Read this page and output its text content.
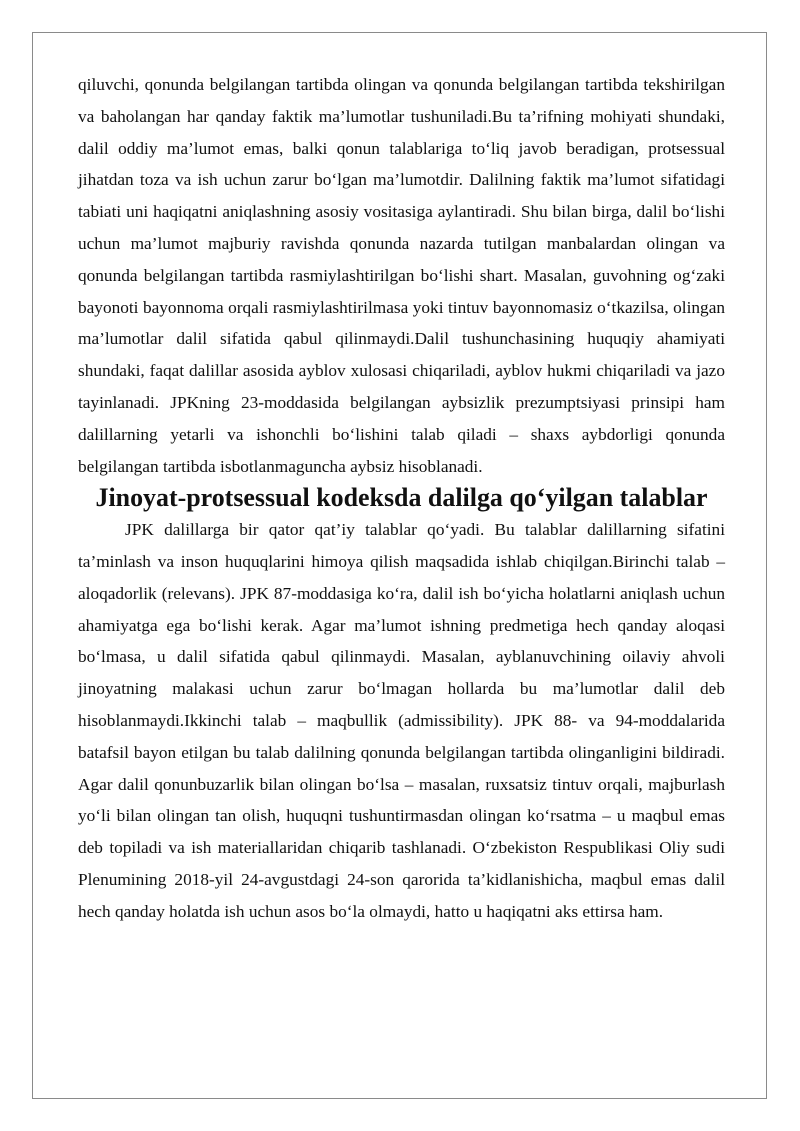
qiluvchi, qonunda belgilangan tartibda olingan va qonunda belgilangan tartibda tekshirilgan va baholangan har qanday faktik ma’lumotlar tushuniladi.Bu ta’rifning mohiyati shundaki, dalil oddiy ma’lumot emas, balki qonun talablariga to‘liq javob beradigan, protsessual jihatdan toza va ish uchun zarur bo‘lgan ma’lumotdir. Dalilning faktik ma’lumot sifatidagi tabiati uni haqiqatni aniqlashning asosiy vositasiga aylantiradi. Shu bilan birga, dalil bo‘lishi uchun ma’lumot majburiy ravishda qonunda nazarda tutilgan manbalardan olingan va qonunda belgilangan tartibda rasmiylashtirilgan bo‘lishi shart. Masalan, guvohning og‘zaki bayonoti bayonnoma orqali rasmiylashtirilmasa yoki tintuv bayonnomasiz o‘tkazilsa, olingan ma’lumotlar dalil sifatida qabul qilinmaydi.Dalil tushunchasining huquqiy ahamiyati shundaki, faqat dalillar asosida ayblov xulosasi chiqariladi, ayblov hukmi chiqariladi va jazo tayinlanadi. JPKning 23-moddasida belgilangan aybsizlik prezumptsiyasi prinsipi ham dalillarning yetarli va ishonchli bo‘lishini talab qiladi – shaxs aybdorligi qonunda belgilangan tartibda isbotlanmaguncha aybsiz hisoblanadi.

Jinoyat-protsessual kodeksda dalilga qo‘yilgan talablar

JPK dalillarga bir qator qat’iy talablar qo‘yadi. Bu talablar dalillarning sifatini ta’minlash va inson huquqlarini himoya qilish maqsadida ishlab chiqilgan.Birinchi talab – aloqadorlik (relevans). JPK 87-moddasiga ko‘ra, dalil ish bo‘yicha holatlarni aniqlash uchun ahamiyatga ega bo‘lishi kerak. Agar ma’lumot ishning predmetiga hech qanday aloqasi bo‘lmasa, u dalil sifatida qabul qilinmaydi. Masalan, ayblanuvchining oilaviy ahvoli jinoyatning malakasi uchun zarur bo‘lmagan hollarda bu ma’lumotlar dalil deb hisoblanmaydi.Ikkinchi talab – maqbullik (admissibility). JPK 88- va 94-moddalarida batafsil bayon etilgan bu talab dalilning qonunda belgilangan tartibda olinganligini bildiradi. Agar dalil qonunbuzarlik bilan olingan bo‘lsa – masalan, ruxsatsiz tintuv orqali, majburlash yo‘li bilan olingan tan olish, huquqni tushuntirmasdan olingan ko‘rsatma – u maqbul emas deb topiladi va ish materiallaridan chiqarib tashlanadi. O‘zbekiston Respublikasi Oliy sudi Plenumining 2018-yil 24-avgustdagi 24-son qarorida ta’kidlanishicha, maqbul emas dalil hech qanday holatda ish uchun asos bo‘la olmaydi, hatto u haqiqatni aks ettirsa ham.
